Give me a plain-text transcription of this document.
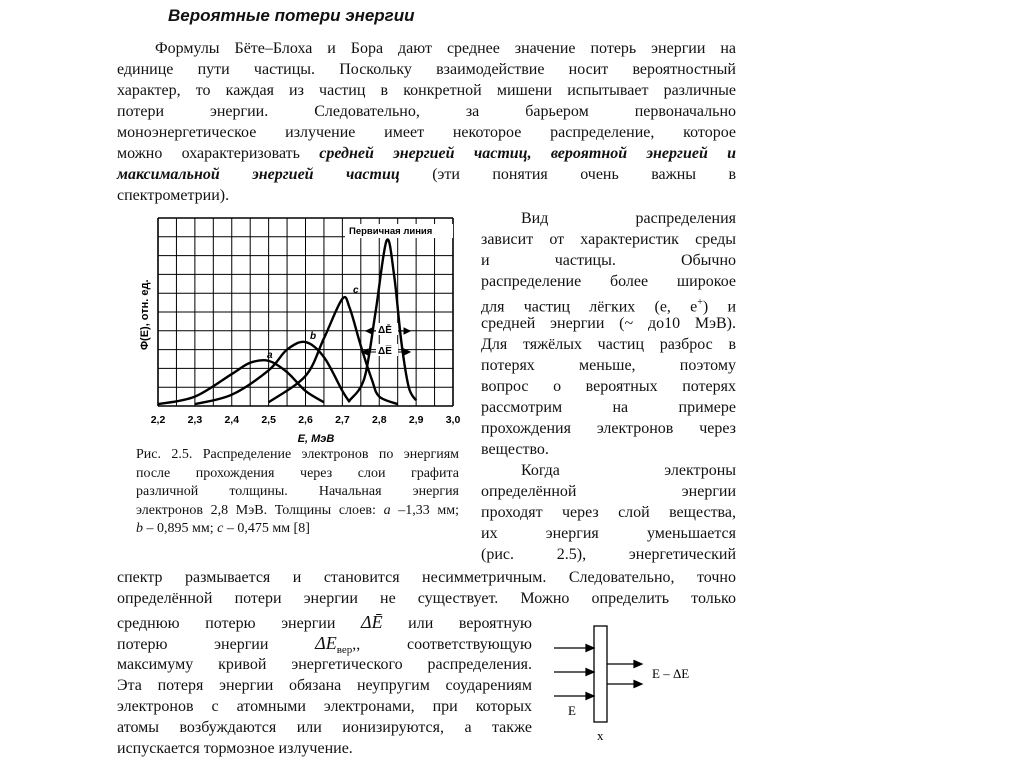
Вероятные потери энергии
Формулы Бёте–Блоха и Бора дают среднее значение потерь энергии на
единице пути частицы. Поскольку взаимодействие носит вероятностный
характер, то каждая из частиц в конкретной мишени испытывает различные
потери энергии. Следовательно, за барьером первоначально
моноэнергетическое излучение имеет некоторое распределение, которое
можно охарактеризовать средней энергией частиц, вероятной энергией и
максимальной энергией частиц (эти понятия очень важны в
спектрометрии).
2,2 2,3 2,4 2,5 2,6 2,7 2,8 2,9 3,0
Φ(E), отн. ед.
E, МэВ
Первичная линия
a
b
c
ΔĒ
ΔE̅
Рис. 2.5. Распределение электронов по энергиям
после прохождения через слои графита
различной толщины. Начальная энергия
электронов 2,8 МэВ. Толщины слоев: a –1,33 мм;
b – 0,895 мм; c – 0,475 мм [8]
Вид распределения
зависит от характеристик среды
и частицы. Обычно
распределение более широкое
для частиц лёгких (e, e+) и
средней энергии (~ до10 МэВ).
Для тяжёлых частиц разброс в
потерях меньше, поэтому
вопрос о вероятных потерях
рассмотрим на примере
прохождения электронов через
вещество.
Когда электроны
определённой энергии
проходят через слой вещества,
их энергия уменьшается
(рис. 2.5), энергетический
спектр размывается и становится несимметричным. Следовательно, точно
определённой потери энергии не существует. Можно определить только
среднюю потерю энергии ΔĒ или вероятную
потерю энергии $\Delta E_{вер}$,, соответствующую
максимуму кривой энергетического распределения.
Эта потеря энергии обязана неупругим соударениям
электронов с атомными электронами, при которых
атомы возбуждаются или ионизируются, а также
испускается тормозное излучение.
E
E – ΔE
x
